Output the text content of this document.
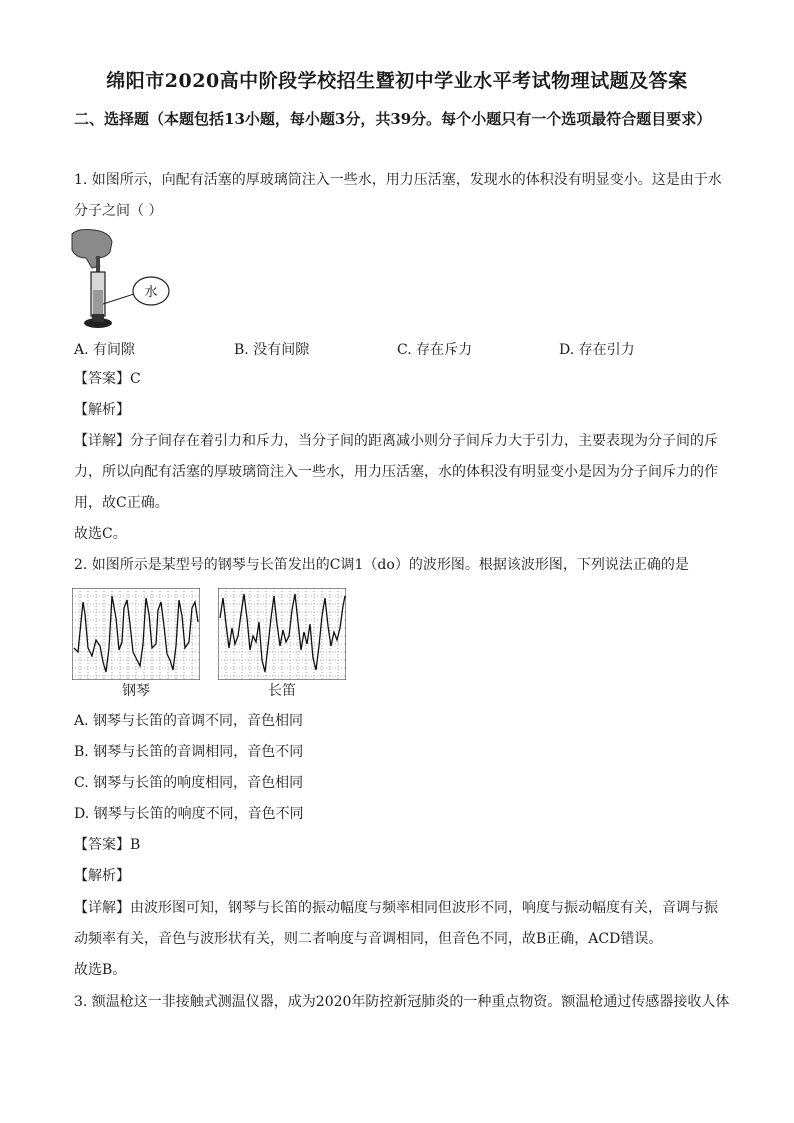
绵阳市2020高中阶段学校招生暨初中学业水平考试物理试题及答案
二、选择题（本题包括13小题，每小题3分，共39分。每个小题只有一个选项最符合题目要求）
1. 如图所示，向配有活塞的厚玻璃筒注入一些水，用力压活塞，发现水的体积没有明显变小。这是由于水
分子之间（ ）
水
A. 有间隙	B. 没有间隙	C. 存在斥力	D. 存在引力
【答案】C
【解析】
【详解】分子间存在着引力和斥力，当分子间的距离减小则分子间斥力大于引力，主要表现为分子间的斥
力，所以向配有活塞的厚玻璃筒注入一些水，用力压活塞，水的体积没有明显变小是因为分子间斥力的作
用，故C正确。
故选C。
2. 如图所示是某型号的钢琴与长笛发出的C调1（do）的波形图。根据该波形图，下列说法正确的是
钢琴	长笛
A. 钢琴与长笛的音调不同，音色相同
B. 钢琴与长笛的音调相同，音色不同
C. 钢琴与长笛的响度相同，音色相同
D. 钢琴与长笛的响度不同，音色不同
【答案】B
【解析】
【详解】由波形图可知，钢琴与长笛的振动幅度与频率相同但波形不同，响度与振动幅度有关，音调与振
动频率有关，音色与波形状有关，则二者响度与音调相同，但音色不同，故B正确，ACD错误。
故选B。
3. 额温枪这一非接触式测温仪器，成为2020年防控新冠肺炎的一种重点物资。额温枪通过传感器接收人体
